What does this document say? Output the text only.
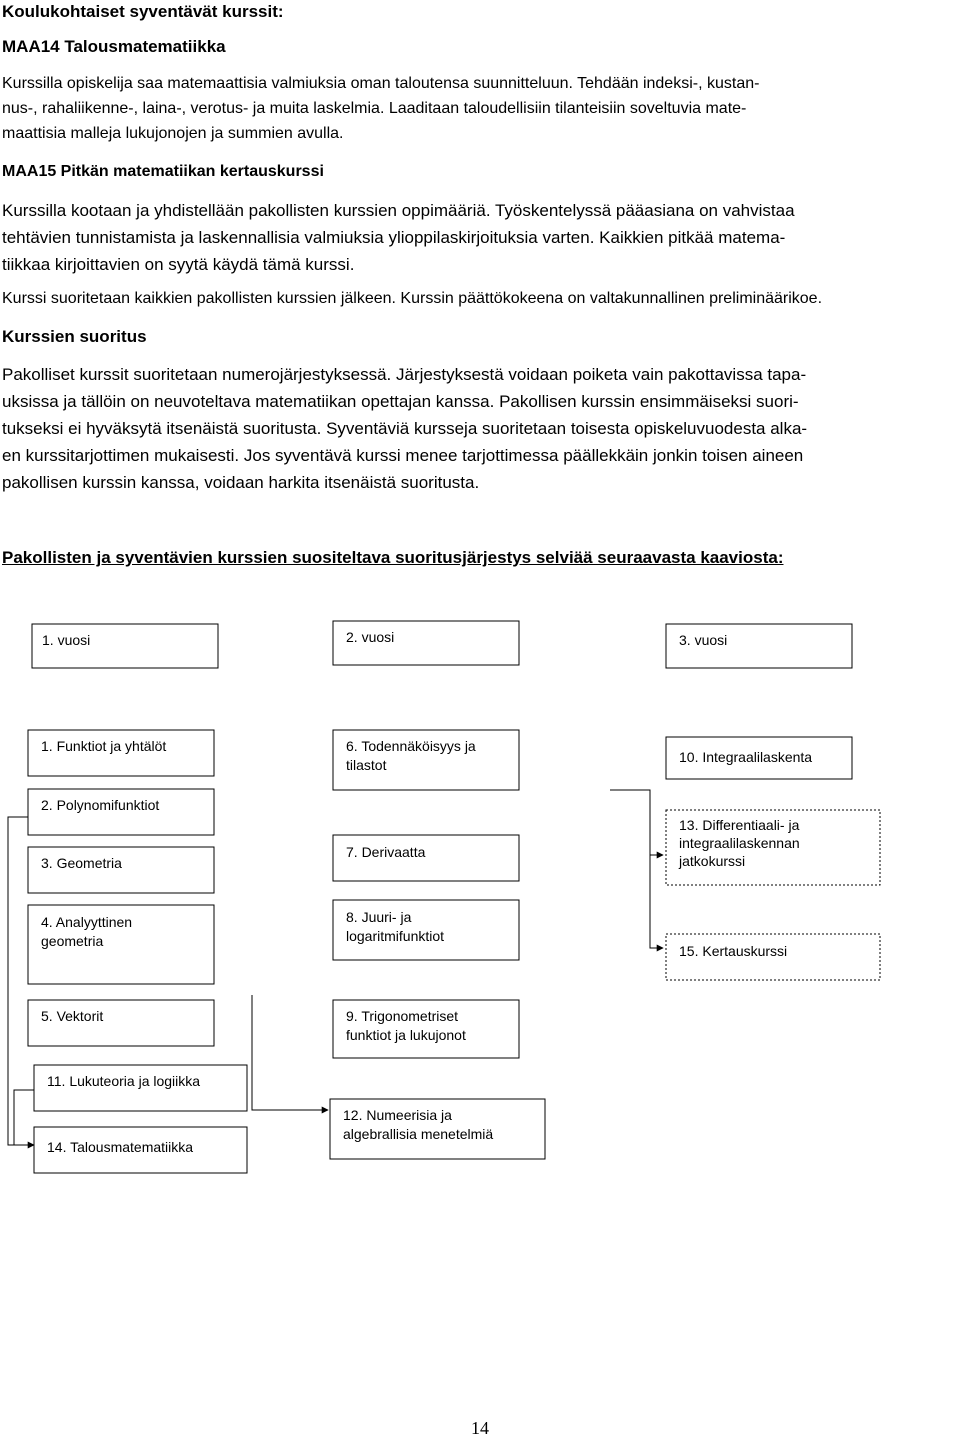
Koulukohtaiset syventävät kurssit:

MAA14 Talousmatematiikka

Kurssilla opiskelija saa matemaattisia valmiuksia oman taloutensa suunnitteluun. Tehdään indeksi-, kustan-

nus-, rahaliikenne-, laina-, verotus- ja muita laskelmia. Laaditaan taloudellisiin tilanteisiin soveltuvia mate-

maattisia malleja lukujonojen ja summien avulla.

MAA15 Pitkän matematiikan kertauskurssi

Kurssilla kootaan ja yhdistellään pakollisten kurssien oppimääriä. Työskentelyssä pääasiana on vahvistaa

tehtävien tunnistamista ja laskennallisia valmiuksia ylioppilaskirjoituksia varten. Kaikkien pitkää matema-

tiikkaa kirjoittavien on syytä käydä tämä kurssi.

Kurssi suoritetaan kaikkien pakollisten kurssien jälkeen. Kurssin päättökokeena on valtakunnallinen preliminäärikoe.

Kurssien suoritus

Pakolliset kurssit suoritetaan numerojärjestyksessä. Järjestyksestä voidaan poiketa vain pakottavissa tapa-

uksissa ja tällöin on neuvoteltava matematiikan opettajan kanssa. Pakollisen kurssin ensimmäiseksi suori-

tukseksi ei hyväksytä itsenäistä suoritusta. Syventäviä kursseja suoritetaan toisesta opiskeluvuodesta alka-

en kurssitarjottimen mukaisesti. Jos syventävä kurssi menee tarjottimessa päällekkäin jonkin toisen aineen

pakollisen kurssin kanssa, voidaan harkita itsenäistä suoritusta.

Pakollisten ja syventävien kurssien suositeltava suoritusjärjestys selviää seuraavasta kaaviosta:

1. vuosi	2. vuosi	3. vuosi
1. Funktiot ja yhtälöt
2. Polynomifunktiot
3. Geometria
4. Analyyttinen
geometria
5. Vektorit
11. Lukuteoria ja logiikka
14. Talousmatematiikka
6. Todennäköisyys ja
tilastot
7. Derivaatta
8. Juuri- ja
logaritmifunktiot
9. Trigonometriset
funktiot ja lukujonot
12. Numeerisia ja
algebrallisia menetelmiä
10. Integraalilaskenta
13. Differentiaali- ja
integraalilaskennan
jatkokurssi
15. Kertauskurssi
14
